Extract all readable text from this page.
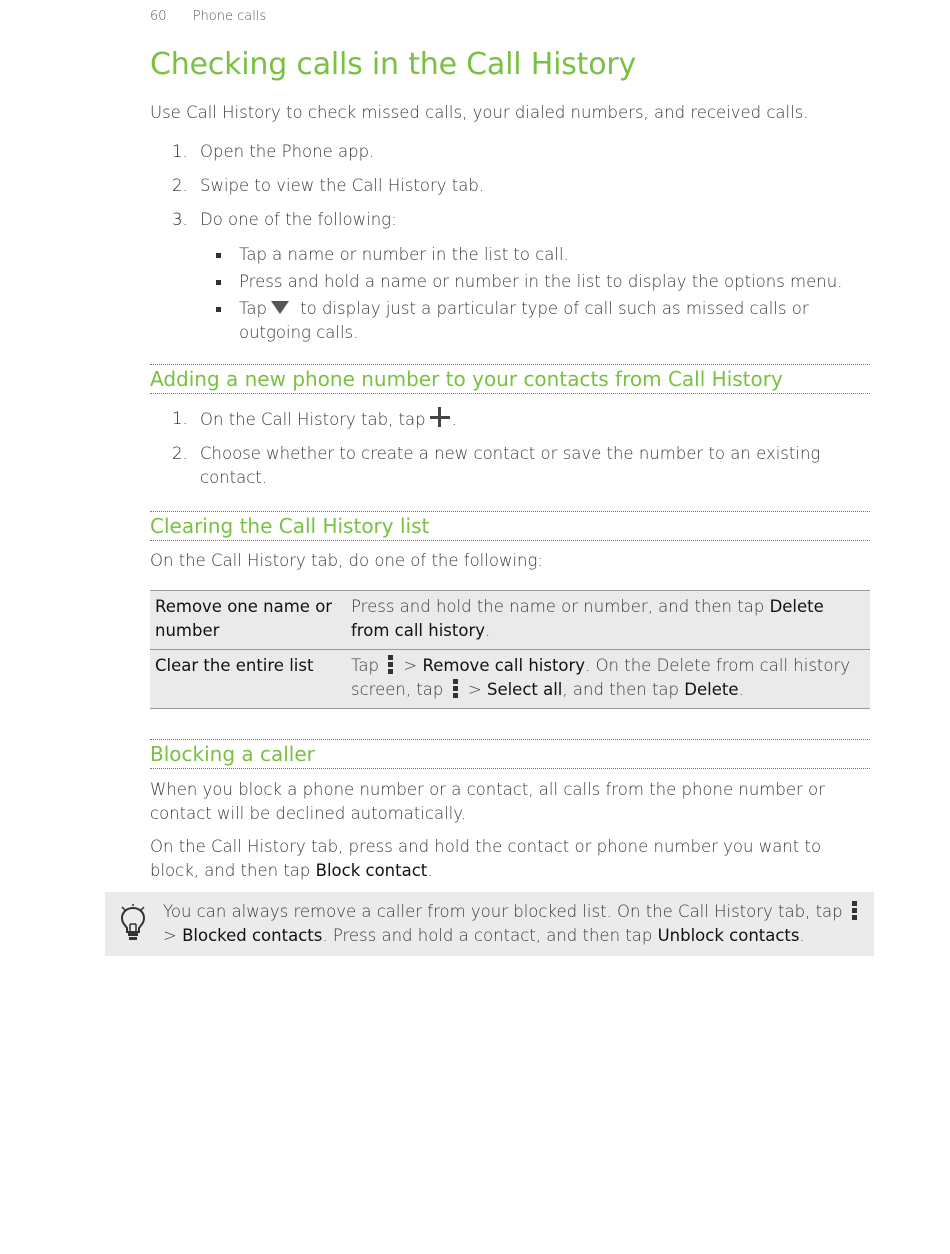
60 Phone calls
Checking calls in the Call History

Use Call History to check missed calls, your dialed numbers, and received calls.

1. Open the Phone app.
2. Swipe to view the Call History tab.
3. Do one of the following:
Tap a name or number in the list to call.
Press and hold a name or number in the list to display the options menu.
Tap to display just a particular type of call such as missed calls or outgoing calls.
Adding a new phone number to your contacts from Call History
1. On the Call History tab, tap .
2. Choose whether to create a new contact or save the number to an existing contact.
Clearing the Call History list

On the Call History tab, do one of the following:

Remove one name or number	Press and hold the name or number, and then tap Delete from call history.
Clear the entire list	Tap
> Remove call history. On the Delete from call history screen, tap
> Select all, and then tap Delete.
Blocking a caller

When you block a phone number or a contact, all calls from the phone number or contact will be declined automatically.

On the Call History tab, press and hold the contact or phone number you want to block, and then tap Block contact.

You can always remove a caller from your blocked list. On the Call History tab, tap
> Blocked contacts. Press and hold a contact, and then tap Unblock contacts.
